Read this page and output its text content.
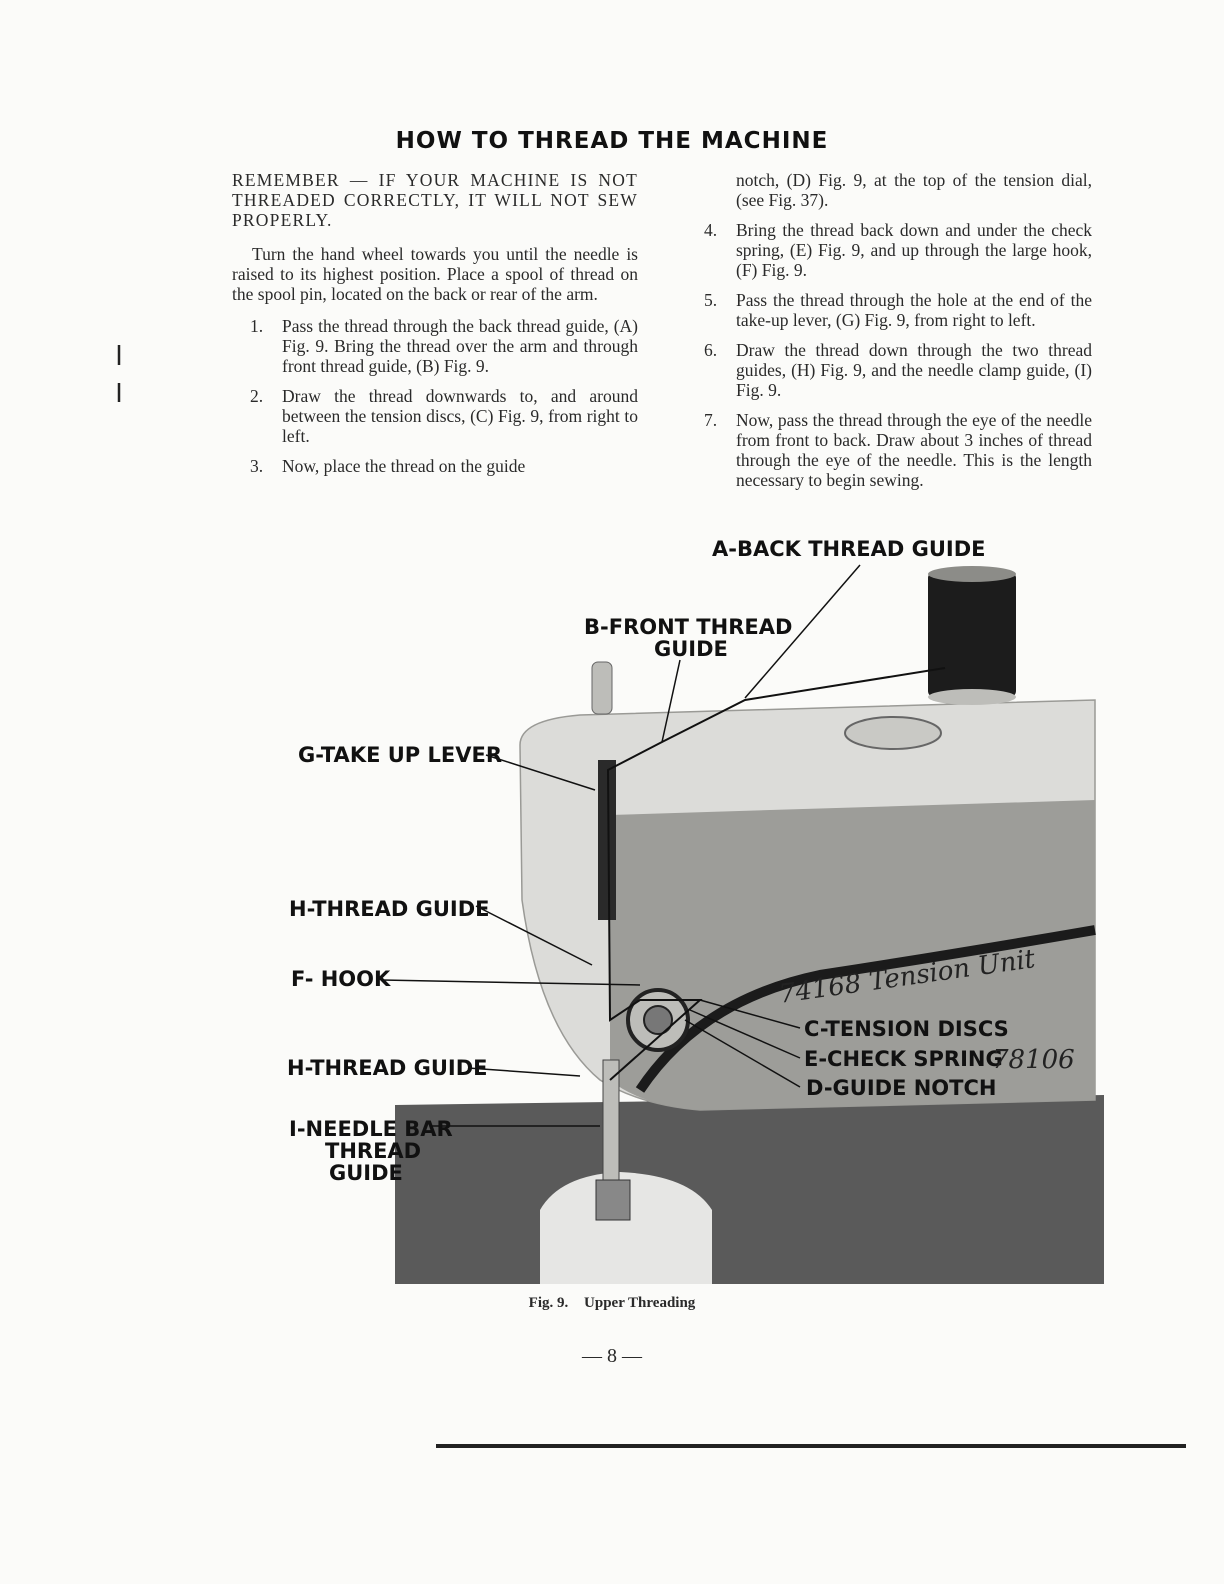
HOW TO THREAD THE MACHINE

REMEMBER — IF YOUR MACHINE IS NOT THREADED CORRECTLY, IT WILL NOT SEW PROPERLY.

Turn the hand wheel towards you until the needle is raised to its highest position. Place a spool of thread on the spool pin, located on the back or rear of the arm.

1. Pass the thread through the back thread guide, (A) Fig. 9. Bring the thread over the arm and through front thread guide, (B) Fig. 9.
2. Draw the thread downwards to, and around between the tension discs, (C) Fig. 9, from right to left.
3. Now, place the thread on the guide

notch, (D) Fig. 9, at the top of the tension dial, (see Fig. 37).

4. Bring the thread back down and under the check spring, (E) Fig. 9, and up through the large hook, (F) Fig. 9.
5. Pass the thread through the hole at the end of the take-up lever, (G) Fig. 9, from right to left.
6. Draw the thread down through the two thread guides, (H) Fig. 9, and the needle clamp guide, (I) Fig. 9.
7. Now, pass the thread through the eye of the needle from front to back. Draw about 3 inches of thread through the eye of the needle. This is the length necessary to begin sewing.
A-BACK THREAD GUIDE
B-FRONT THREAD
GUIDE
G-TAKE UP LEVER
H-THREAD GUIDE
F- HOOK
H-THREAD GUIDE
I-NEEDLE BAR
THREAD
GUIDE
C-TENSION DISCS
E-CHECK SPRING
D-GUIDE NOTCH
74168 Tension Unit
78106
Fig. 9. Upper Threading
— 8 —
